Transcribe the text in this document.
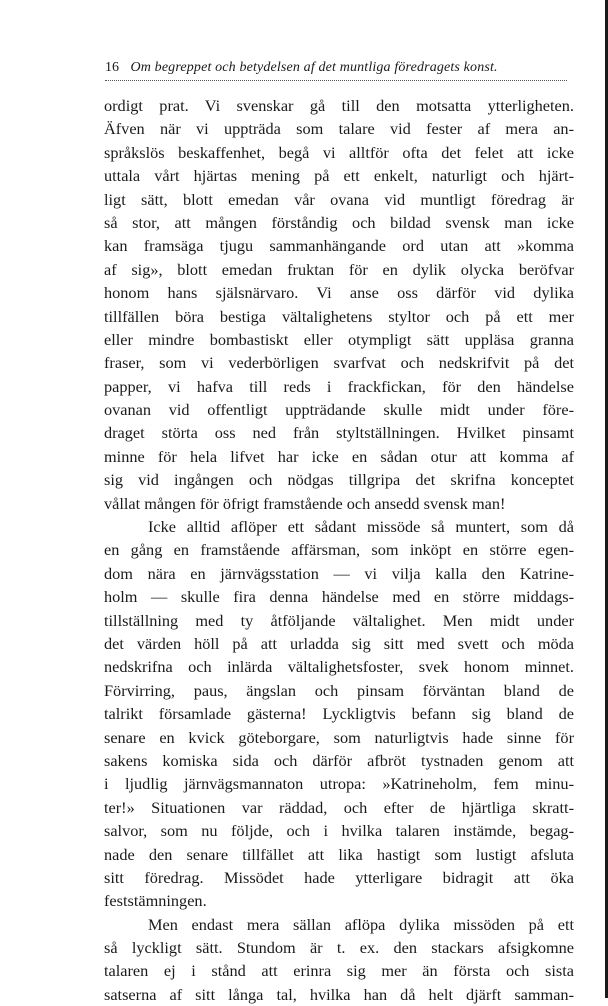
16 Om begreppet och betydelsen af det muntliga föredragets konst.
ordigt prat. Vi svenskar gå till den motsatta ytterligheten.
Äfven när vi uppträda som talare vid fester af mera an-
språkslös beskaffenhet, begå vi alltför ofta det felet att icke
uttala vårt hjärtas mening på ett enkelt, naturligt och hjärt-
ligt sätt, blott emedan vår ovana vid muntligt föredrag är
så stor, att mången förståndig och bildad svensk man icke
kan framsäga tjugu sammanhängande ord utan att »komma
af sig», blott emedan fruktan för en dylik olycka beröfvar
honom hans själsnärvaro. Vi anse oss därför vid dylika
tillfällen böra bestiga vältalighetens styltor och på ett mer
eller mindre bombastiskt eller otympligt sätt uppläsa granna
fraser, som vi vederbörligen svarfvat och nedskrifvit på det
papper, vi hafva till reds i frackfickan, för den händelse
ovanan vid offentligt uppträdande skulle midt under före-
draget störta oss ned från styltställningen. Hvilket pinsamt
minne för hela lifvet har icke en sådan otur att komma af
sig vid ingången och nödgas tillgripa det skrifna konceptet
vållat mången för öfrigt framstående och ansedd svensk man!
Icke alltid aflöper ett sådant missöde så muntert, som då
en gång en framstående affärsman, som inköpt en större egen-
dom nära en järnvägsstation — vi vilja kalla den Katrine-
holm — skulle fira denna händelse med en större middags-
tillställning med ty åtföljande vältalighet. Men midt under
det värden höll på att urladda sig sitt med svett och möda
nedskrifna och inlärda vältalighetsfoster, svek honom minnet.
Förvirring, paus, ängslan och pinsam förväntan bland de
talrikt församlade gästerna! Lyckligtvis befann sig bland de
senare en kvick göteborgare, som naturligtvis hade sinne för
sakens komiska sida och därför afbröt tystnaden genom att
i ljudlig järnvägsmannaton utropa: »Katrineholm, fem minu-
ter!» Situationen var räddad, och efter de hjärtliga skratt-
salvor, som nu följde, och i hvilka talaren instämde, begag-
nade den senare tillfället att lika hastigt som lustigt afsluta
sitt föredrag. Missödet hade ytterligare bidragit att öka
feststämningen.
Men endast mera sällan aflöpa dylika missöden på ett
så lyckligt sätt. Stundom är t. ex. den stackars afsigkomne
talaren ej i stånd att erinra sig mer än första och sista
satserna af sitt långa tal, hvilka han då helt djärft samman-
